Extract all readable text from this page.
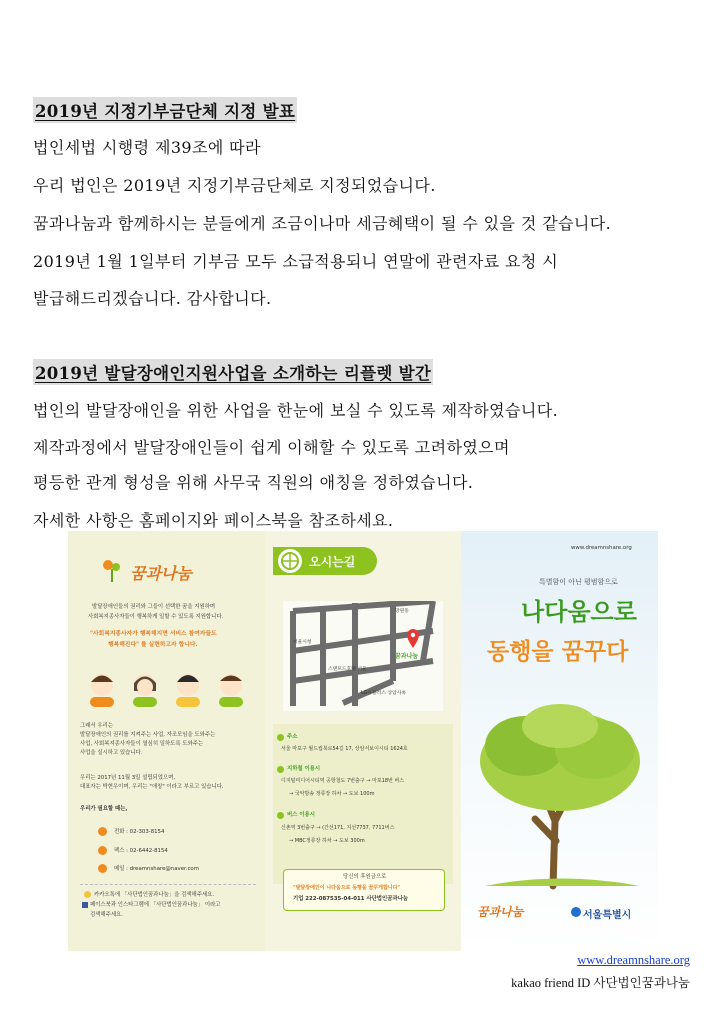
2019년 지정기부금단체 지정 발표
법인세법 시행령 제39조에 따라
우리 법인은 2019년 지정기부금단체로 지정되었습니다.
꿈과나눔과 함께하시는 분들에게 조금이나마 세금혜택이 될 수 있을 것 같습니다.
2019년 1월 1일부터 기부금 모두 소급적용되니 연말에 관련자료 요청 시
발급해드리겠습니다. 감사합니다.
2019년 발달장애인지원사업을 소개하는 리플렛 발간
법인의 발달장애인을 위한 사업을 한눈에 보실 수 있도록 제작하였습니다.
제작과정에서 발달장애인들이 쉽게 이해할 수 있도록 고려하였으며
평등한 관계 형성을 위해 사무국 직원의 애칭을 정하였습니다.
자세한 사항은 홈페이지와 페이스북을 참조하세요.
꿈과나눔
발달장애인들의 권리와 그들이 선택한 꿈을 지원하며
사회복지종사자들이 행복하게 일할 수 있도록 지원합니다.
"사회복지종사자가 행복해지면 서비스 참여자들도
행복해진다" 를 실현하고자 합니다.
그래서 우리는
발달장애인의 권리를 지켜주는 사업, 자조모임을 도와주는
사업, 사회복지종사자들이 열심히 일하도록 도와주는
사업을 실시하고 있습니다.
우리는 2017년 11월 3일 설립되었으며,
대표자는 박현우이며, 우리는 "애칭" 이라고 부르고 있습니다.
우리가 필요할 때는,
전화 : 02-303-8154
팩스 : 02-6442-8154
메일 : dreamnshare@naver.com
카카오톡에 「사단법인꿈과나눔」을 검색해주세요.
페이스북과 인스타그램에 「사단법인꿈과나눔」 이라고
검색해주세요.
오시는길
망원동
서울시청
꿈과나눔
스탠포드호텔 서울
LG유플러스 상암사옥
주소
서울 마포구 월드컵북로54길 17, 상암서보이시티 1624호
지하철 이용시
디지털미디어시티역 공항철도 7번출구 → 마포18번 버스
→ 국악방송 정류장 하차 → 도보 100m
버스 이용시
신촌역 3번출구 → (간선171, 지선7737, 7711버스
→ MBC정류장 하차 → 도보 300m
당신의 후원금으로
"발달장애인이 나다움으로 동행을 꿈꾸게합니다"
기업 222-087535-04-011 사단법인꿈과나눔
www.dreamnshare.org
특별함이 아닌 평범함으로
나다움으로
동행을 꿈꾸다
꿈과나눔	서울특별시
www.dreamnshare.org
kakao friend ID 사단법인꿈과나눔
